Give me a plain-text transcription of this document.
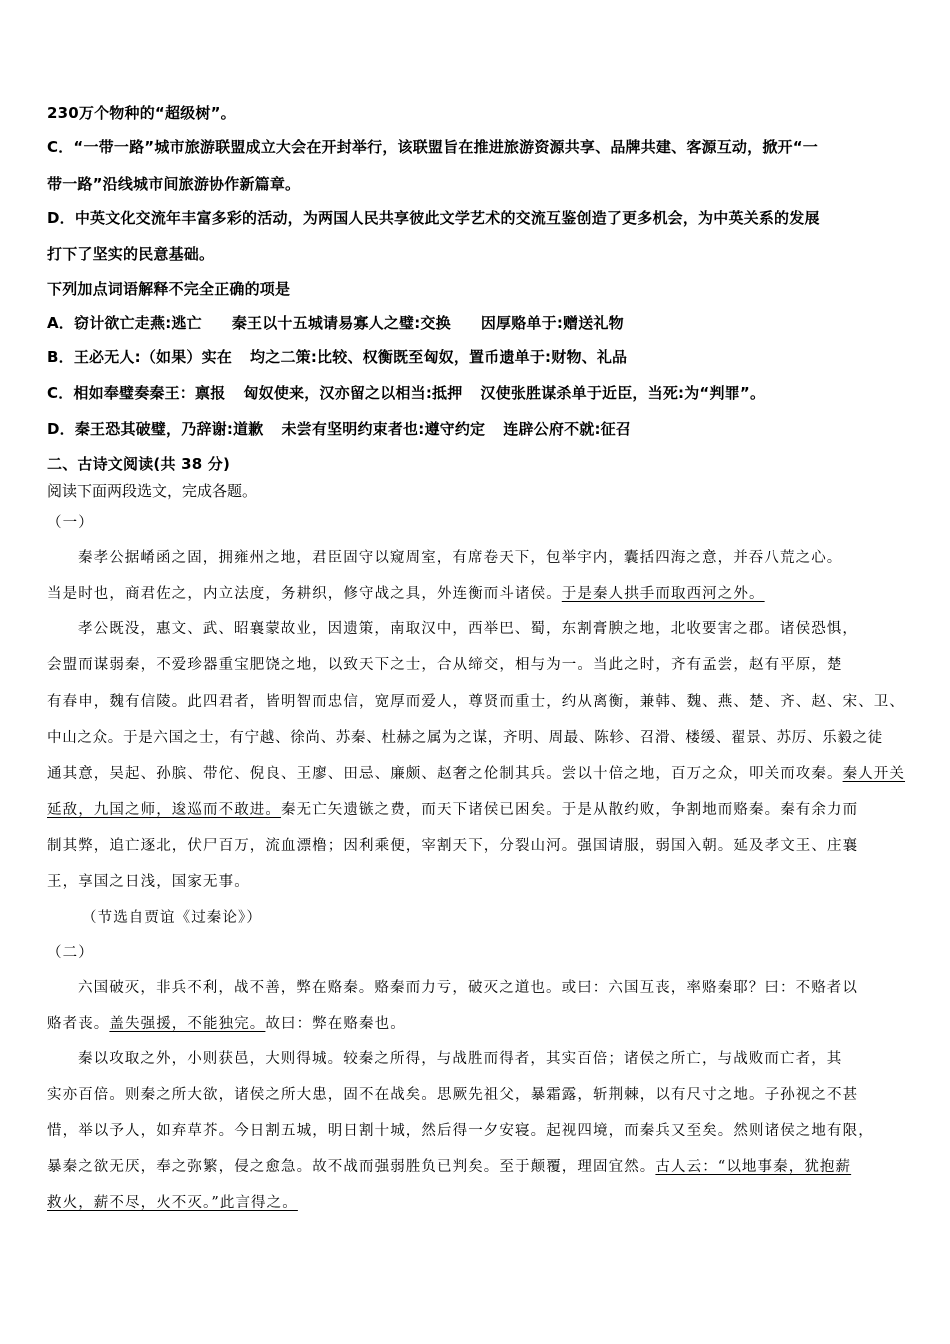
230万个物种的“超级树”。
C．“一带一路”城市旅游联盟成立大会在开封举行，该联盟旨在推进旅游资源共享、品牌共建、客源互动，掀开“一
带一路”沿线城市间旅游协作新篇章。
D．中英文化交流年丰富多彩的活动，为两国人民共享彼此文学艺术的交流互鉴创造了更多机会，为中英关系的发展
打下了坚实的民意基础。
下列加点词语解释不完全正确的项是
A．窃计欲亡走燕:逃亡 秦王以十五城请易寡人之璧:交换 因厚赂单于:赠送礼物
B．王必无人:（如果）实在 均之二策:比较、权衡既至匈奴，置币遗单于:财物、礼品
C．相如奉璧奏秦王：禀报 匈奴使来，汉亦留之以相当:抵押 汉使张胜谋杀单于近臣，当死:为“判罪”。
D．秦王恐其破璧，乃辞谢:道歉 未尝有坚明约束者也:遵守约定 连辟公府不就:征召
二、古诗文阅读(共 38 分)
阅读下面两段选文，完成各题。
（一）
秦孝公据崤函之固，拥雍州之地，君臣固守以窥周室，有席卷天下，包举宇内，囊括四海之意，并吞八荒之心。
当是时也，商君佐之，内立法度，务耕织，修守战之具，外连衡而斗诸侯。于是秦人拱手而取西河之外。
孝公既没，惠文、武、昭襄蒙故业，因遗策，南取汉中，西举巴、蜀，东割膏腴之地，北收要害之郡。诸侯恐惧，
会盟而谋弱秦，不爱珍器重宝肥饶之地，以致天下之士，合从缔交，相与为一。当此之时，齐有孟尝，赵有平原，楚
有春申，魏有信陵。此四君者，皆明智而忠信，宽厚而爱人，尊贤而重士，约从离衡，兼韩、魏、燕、楚、齐、赵、宋、卫、
中山之众。于是六国之士，有宁越、徐尚、苏秦、杜赫之属为之谋，齐明、周最、陈轸、召滑、楼缓、翟景、苏厉、乐毅之徒
通其意，吴起、孙膑、带佗、倪良、王廖、田忌、廉颇、赵奢之伦制其兵。尝以十倍之地，百万之众，叩关而攻秦。秦人开关
延敌，九国之师，逡巡而不敢进。秦无亡矢遗镞之费，而天下诸侯已困矣。于是从散约败，争割地而赂秦。秦有余力而
制其弊，追亡逐北，伏尸百万，流血漂橹；因利乘便，宰割天下，分裂山河。强国请服，弱国入朝。延及孝文王、庄襄
王，享国之日浅，国家无事。
（节选自贾谊《过秦论》）
（二）
六国破灭，非兵不利，战不善，弊在赂秦。赂秦而力亏，破灭之道也。或曰：六国互丧，率赂秦耶？曰：不赂者以
赂者丧。盖失强援，不能独完。故曰：弊在赂秦也。
秦以攻取之外，小则获邑，大则得城。较秦之所得，与战胜而得者，其实百倍；诸侯之所亡，与战败而亡者，其
实亦百倍。则秦之所大欲，诸侯之所大患，固不在战矣。思厥先祖父，暴霜露，斩荆棘，以有尺寸之地。子孙视之不甚
惜，举以予人，如弃草芥。今日割五城，明日割十城，然后得一夕安寝。起视四境，而秦兵又至矣。然则诸侯之地有限，
暴秦之欲无厌，奉之弥繁，侵之愈急。故不战而强弱胜负已判矣。至于颠覆，理固宜然。古人云：“以地事秦，犹抱薪
救火，薪不尽，火不灭。”此言得之。
